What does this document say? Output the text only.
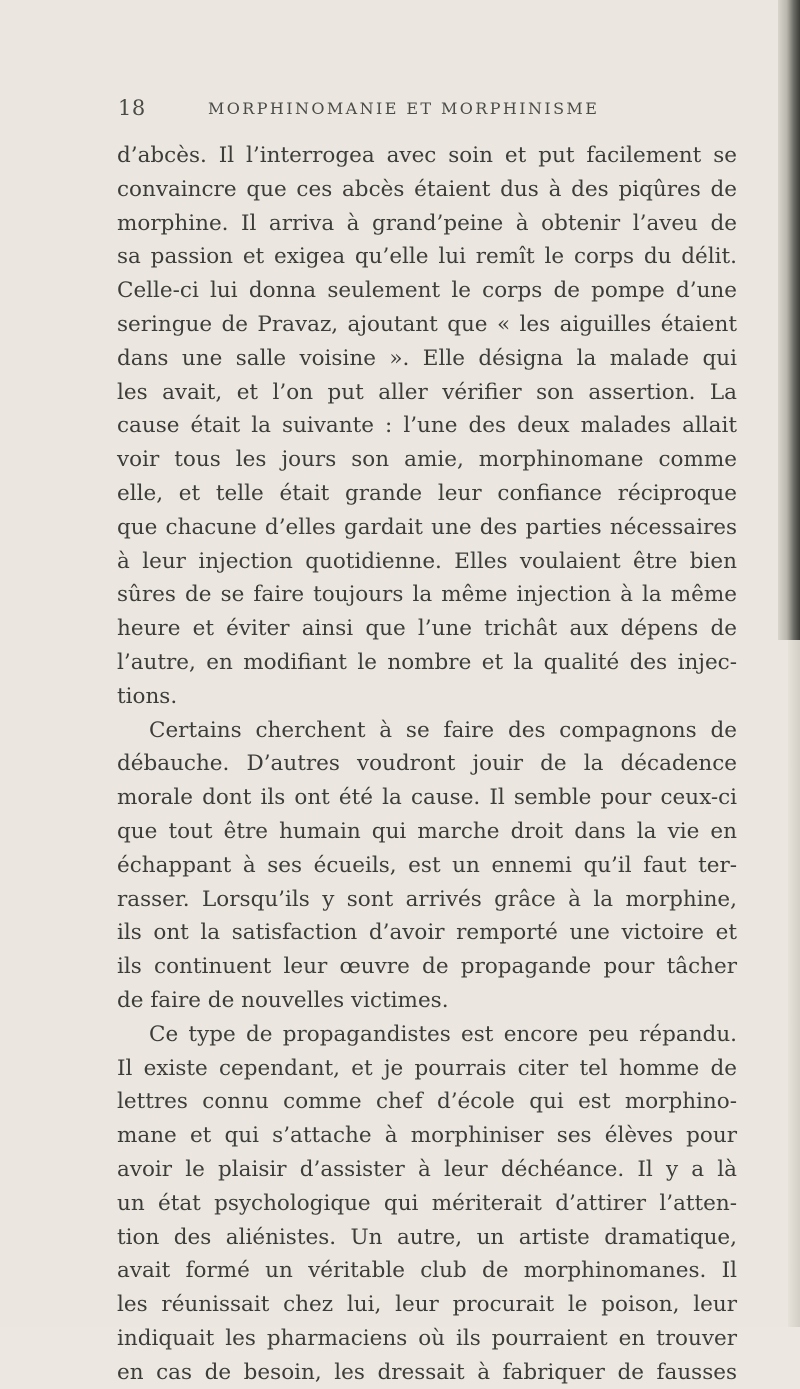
18	MORPHINOMANIE ET MORPHINISME
d’abcès. Il l’interrogea avec soin et put facilement se
convaincre que ces abcès étaient dus à des piqûres de
morphine. Il arriva à grand’peine à obtenir l’aveu de
sa passion et exigea qu’elle lui remît le corps du délit.
Celle-ci lui donna seulement le corps de pompe d’une
seringue de Pravaz, ajoutant que « les aiguilles étaient
dans une salle voisine ». Elle désigna la malade qui
les avait, et l’on put aller vérifier son assertion. La
cause était la suivante : l’une des deux malades allait
voir tous les jours son amie, morphinomane comme
elle, et telle était grande leur confiance réciproque
que chacune d’elles gardait une des parties nécessaires
à leur injection quotidienne. Elles voulaient être bien
sûres de se faire toujours la même injection à la même
heure et éviter ainsi que l’une trichât aux dépens de
l’autre, en modifiant le nombre et la qualité des injec-
tions.
Certains cherchent à se faire des compagnons de
débauche. D’autres voudront jouir de la décadence
morale dont ils ont été la cause. Il semble pour ceux-ci
que tout être humain qui marche droit dans la vie en
échappant à ses écueils, est un ennemi qu’il faut ter-
rasser. Lorsqu’ils y sont arrivés grâce à la morphine,
ils ont la satisfaction d’avoir remporté une victoire et
ils continuent leur œuvre de propagande pour tâcher
de faire de nouvelles victimes.
Ce type de propagandistes est encore peu répandu.
Il existe cependant, et je pourrais citer tel homme de
lettres connu comme chef d’école qui est morphino-
mane et qui s’attache à morphiniser ses élèves pour
avoir le plaisir d’assister à leur déchéance. Il y a là
un état psychologique qui mériterait d’attirer l’atten-
tion des aliénistes. Un autre, un artiste dramatique,
avait formé un véritable club de morphinomanes. Il
les réunissait chez lui, leur procurait le poison, leur
indiquait les pharmaciens où ils pourraient en trouver
en cas de besoin, les dressait à fabriquer de fausses
